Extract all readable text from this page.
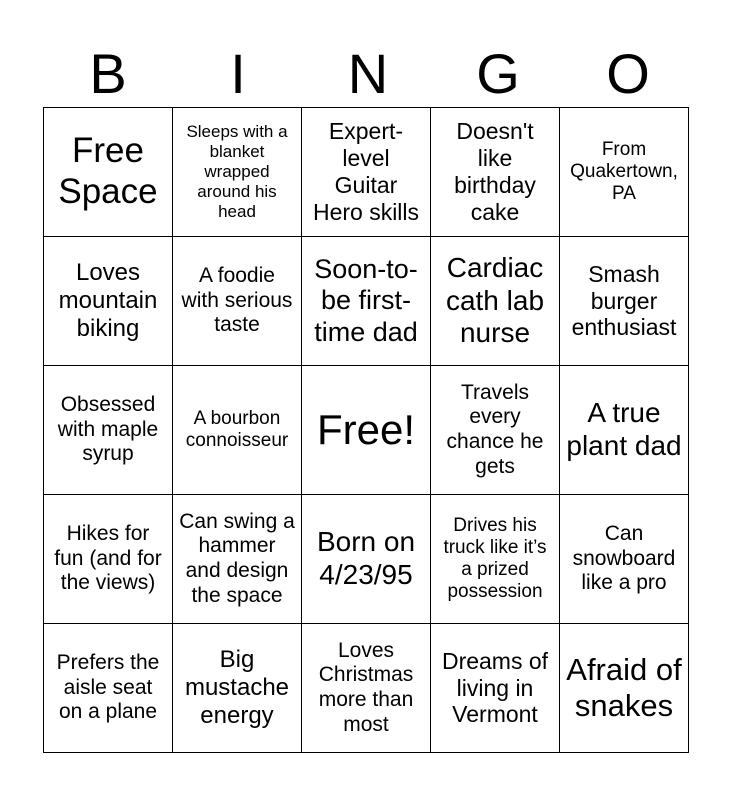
B	I	N	G	O
Free Space	Sleeps with a blanket wrapped around his head	Expert-level Guitar Hero skills	Doesn't like birthday cake	From Quakertown, PA
Loves mountain biking	A foodie with serious taste	Soon-to-be first-time dad	Cardiac cath lab nurse	Smash burger enthusiast
Obsessed with maple syrup	A bourbon connoisseur	Free!	Travels every chance he gets	A true plant dad
Hikes for fun (and for the views)	Can swing a hammer and design the space	Born on 4/23/95	Drives his truck like it’s a prized possession	Can snowboard like a pro
Prefers the aisle seat on a plane	Big mustache energy	Loves Christmas more than most	Dreams of living in Vermont	Afraid of snakes
